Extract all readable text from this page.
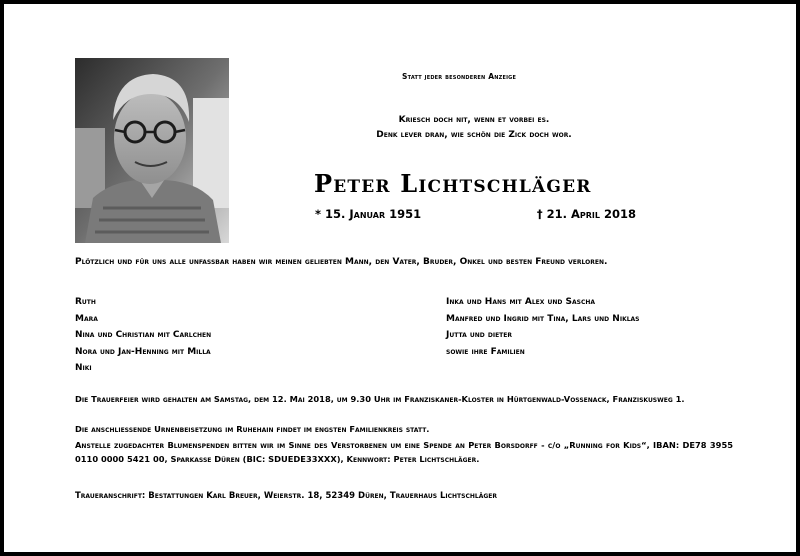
Statt jeder besonderen Anzeige
Kriesch doch nit, wenn et vorbei es.
Denk lever dran, wie schön die Zick doch wor.
Peter Lichtschläger
* 15. Januar 1951	† 21. April 2018
Plötzlich und für uns alle unfassbar haben wir meinen geliebten Mann, den Vater, Bruder, Onkel und besten Freund verloren.
Ruth
Mara
Nina und Christian mit Carlchen
Nora und Jan-Henning mit Milla
Niki
Inka und Hans mit Alex und Sascha
Manfred und Ingrid mit Tina, Lars und Niklas
Jutta und dieter
sowie ihre Familien
Die Trauerfeier wird gehalten am Samstag, dem 12. Mai 2018, um 9.30 Uhr im Franziskaner-Kloster in Hürtgenwald-Vossenack, Franziskusweg 1.
Die anschliessende Urnenbeisetzung im Ruhehain findet im engsten Familienkreis statt.
Anstelle zugedachter Blumenspenden bitten wir im Sinne des Verstorbenen um eine Spende an Peter Borsdorff - c/o „Running for Kids“, IBAN: DE78 3955 0110 0000 5421 00, Sparkasse Düren (BIC: SDUEDE33XXX), Kennwort: Peter Lichtschläger.
Traueranschrift: Bestattungen Karl Breuer, Weierstr. 18, 52349 Düren, Trauerhaus Lichtschläger
